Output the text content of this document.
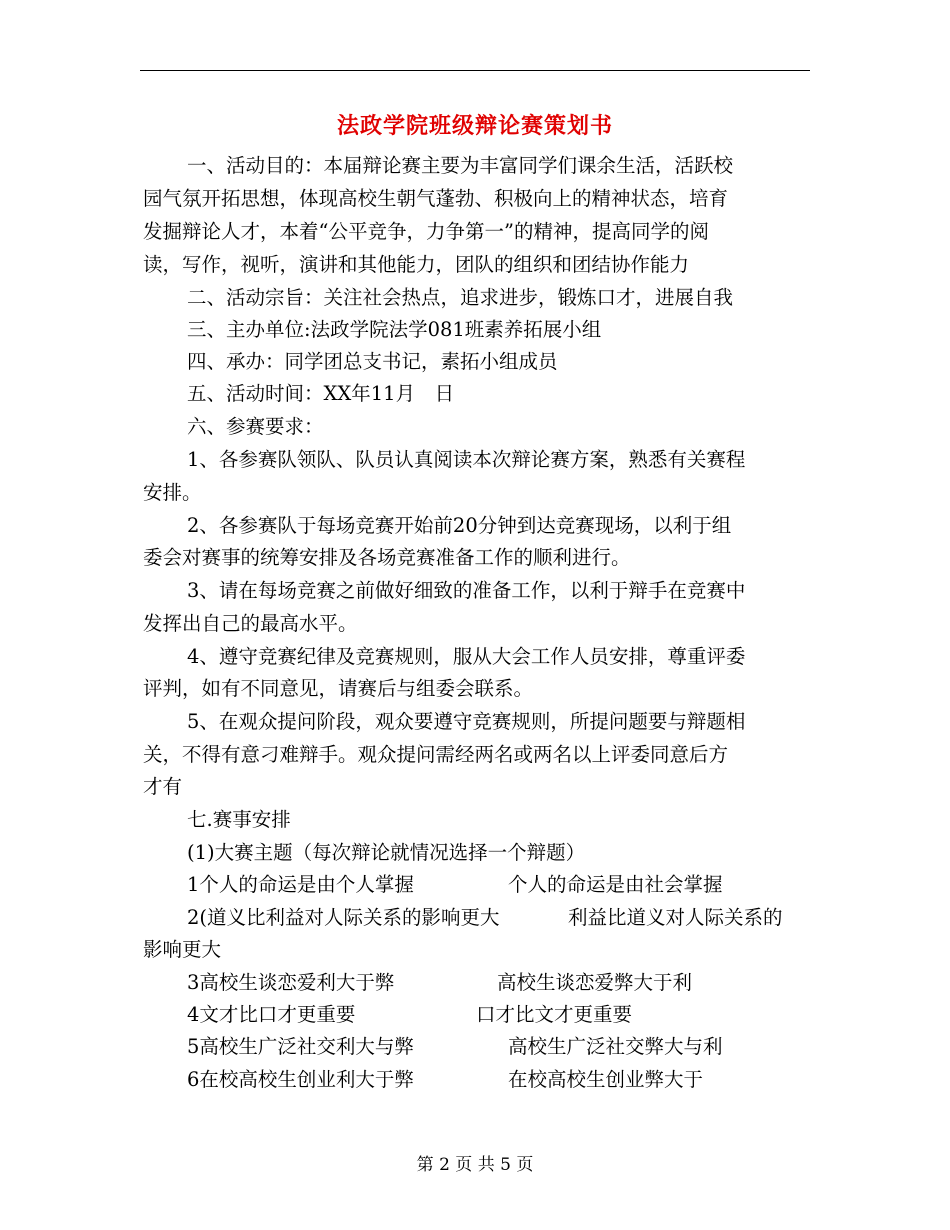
法政学院班级辩论赛策划书
一、活动目的：本届辩论赛主要为丰富同学们课余生活，活跃校
园气氛开拓思想，体现高校生朝气蓬勃、积极向上的精神状态，培育
发掘辩论人才，本着“公平竞争，力争第一”的精神，提高同学的阅
读，写作，视听，演讲和其他能力，团队的组织和团结协作能力
二、活动宗旨：关注社会热点，追求进步，锻炼口才，进展自我
三、主办单位:法政学院法学081班素养拓展小组
四、承办：同学团总支书记，素拓小组成员
五、活动时间：XX年11月　日
六、参赛要求：
1、各参赛队领队、队员认真阅读本次辩论赛方案，熟悉有关赛程
安排。
2、各参赛队于每场竞赛开始前20分钟到达竞赛现场，以利于组
委会对赛事的统筹安排及各场竞赛准备工作的顺利进行。
3、请在每场竞赛之前做好细致的准备工作，以利于辩手在竞赛中
发挥出自己的最高水平。
4、遵守竞赛纪律及竞赛规则，服从大会工作人员安排，尊重评委
评判，如有不同意见，请赛后与组委会联系。
5、在观众提问阶段，观众要遵守竞赛规则，所提问题要与辩题相
关，不得有意刁难辩手。观众提问需经两名或两名以上评委同意后方
才有
七.赛事安排
(1)大赛主题（每次辩论就情况选择一个辩题）
1个人的命运是由个人掌握	个人的命运是由社会掌握
2(道义比利益对人际关系的影响更大	利益比道义对人际关系的
影响更大
3高校生谈恋爱利大于弊	高校生谈恋爱弊大于利
4文才比口才更重要	口才比文才更重要
5高校生广泛社交利大与弊	高校生广泛社交弊大与利
6在校高校生创业利大于弊	在校高校生创业弊大于
第 2 页 共 5 页
